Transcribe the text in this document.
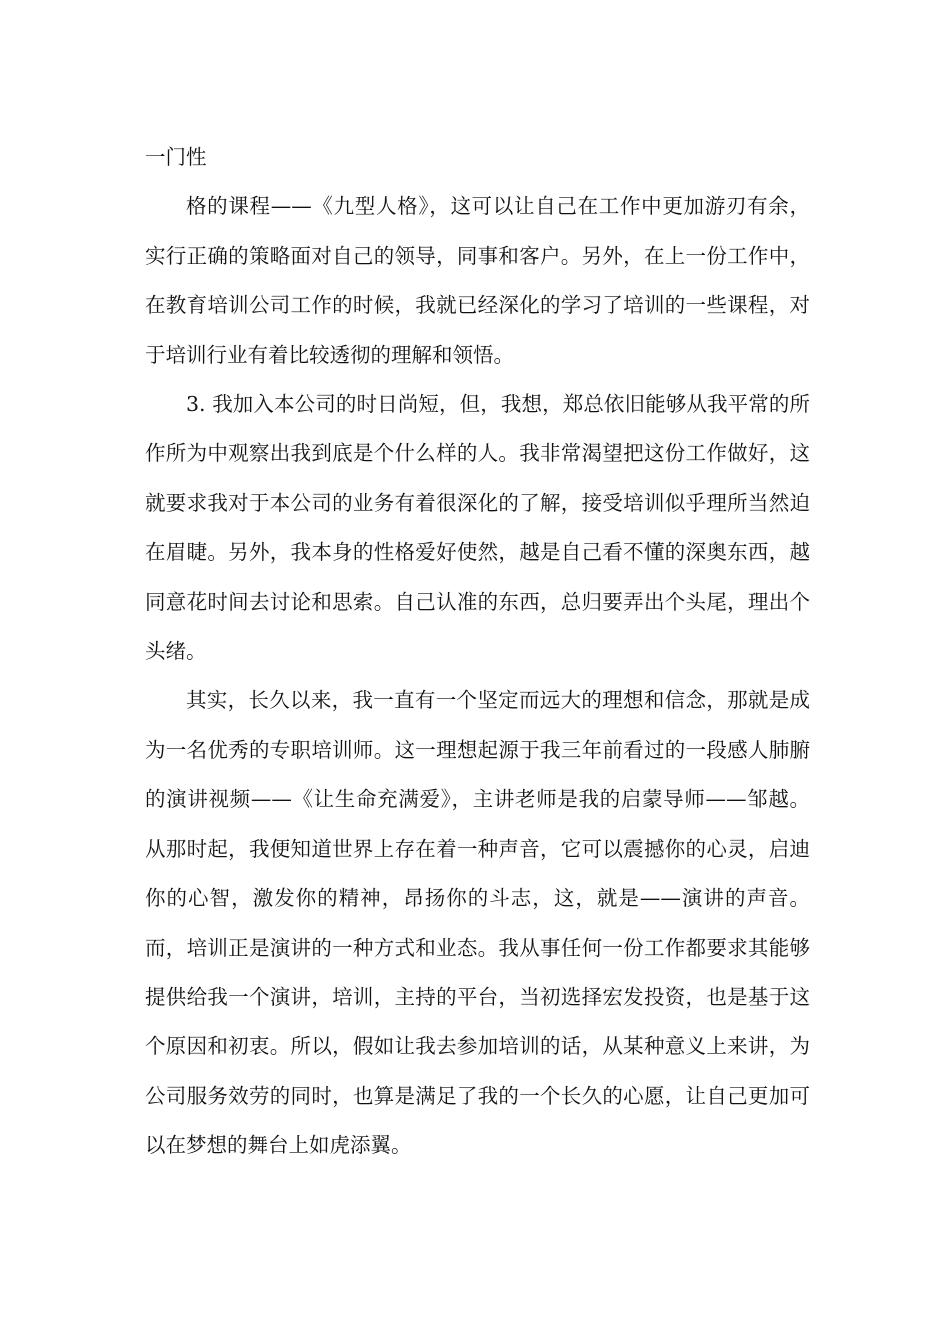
一门性

格的课程——《九型人格》，这可以让自己在工作中更加游刃有余，实行正确的策略面对自己的领导，同事和客户。另外，在上一份工作中，在教育培训公司工作的时候，我就已经深化的学习了培训的一些课程，对于培训行业有着比较透彻的理解和领悟。

3. 我加入本公司的时日尚短，但，我想，郑总依旧能够从我平常的所作所为中观察出我到底是个什么样的人。我非常渴望把这份工作做好，这就要求我对于本公司的业务有着很深化的了解，接受培训似乎理所当然迫在眉睫。另外，我本身的性格爱好使然，越是自己看不懂的深奥东西，越同意花时间去讨论和思索。自己认准的东西，总归要弄出个头尾，理出个头绪。

其实，长久以来，我一直有一个坚定而远大的理想和信念，那就是成为一名优秀的专职培训师。这一理想起源于我三年前看过的一段感人肺腑的演讲视频——《让生命充满爱》，主讲老师是我的启蒙导师——邹越。从那时起，我便知道世界上存在着一种声音，它可以震撼你的心灵，启迪你的心智，激发你的精神，昂扬你的斗志，这，就是——演讲的声音。而，培训正是演讲的一种方式和业态。我从事任何一份工作都要求其能够提供给我一个演讲，培训，主持的平台，当初选择宏发投资，也是基于这个原因和初衷。所以，假如让我去参加培训的话，从某种意义上来讲，为公司服务效劳的同时，也算是满足了我的一个长久的心愿，让自己更加可以在梦想的舞台上如虎添翼。
